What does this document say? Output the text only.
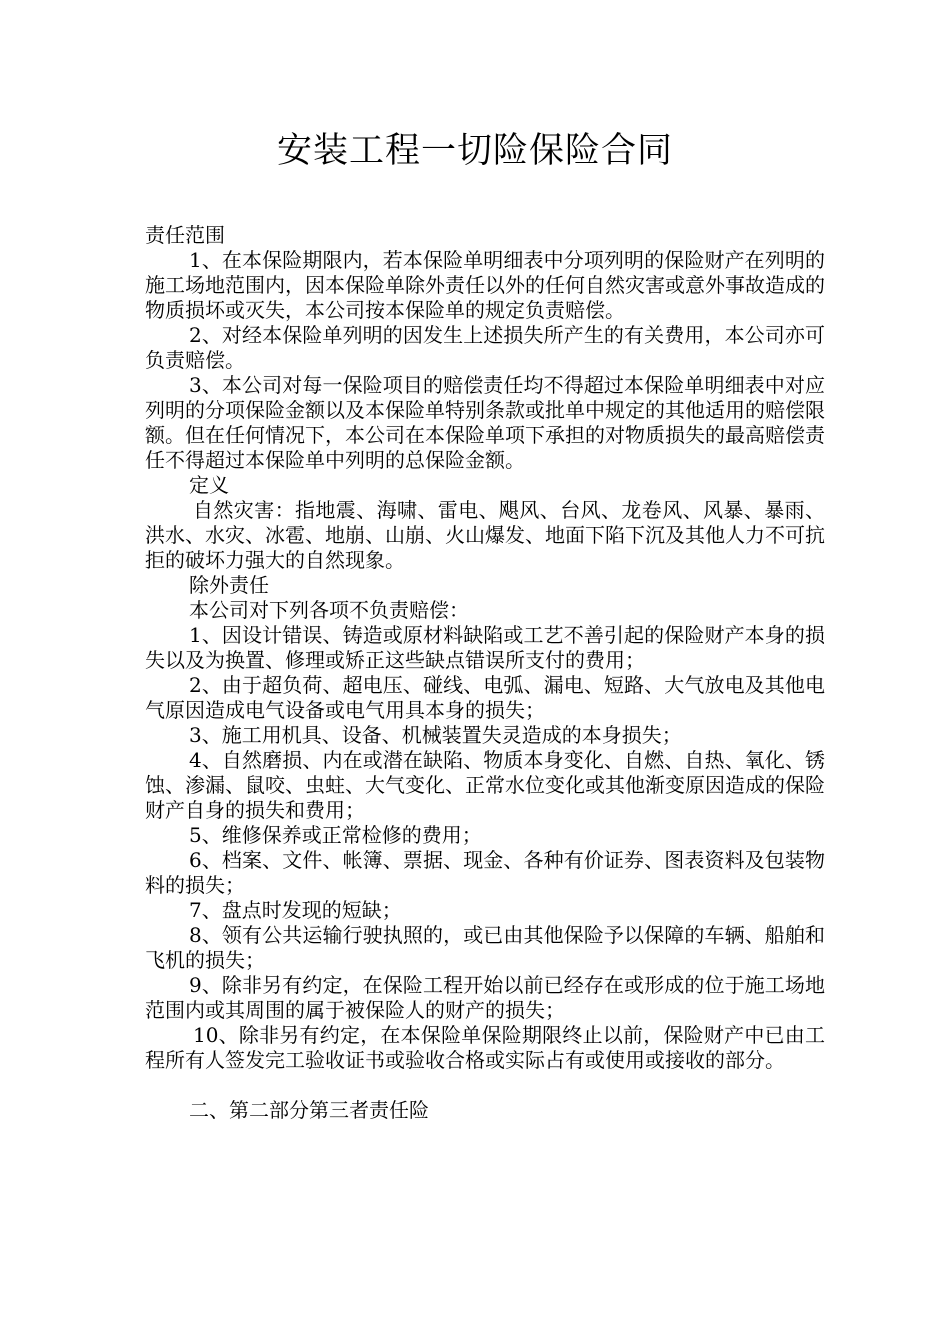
安装工程一切险保险合同

责任范围

1、在本保险期限内，若本保险单明细表中分项列明的保险财产在列明的施工场地范围内，因本保险单除外责任以外的任何自然灾害或意外事故造成的物质损坏或灭失，本公司按本保险单的规定负责赔偿。

2、对经本保险单列明的因发生上述损失所产生的有关费用，本公司亦可负责赔偿。

3、本公司对每一保险项目的赔偿责任均不得超过本保险单明细表中对应列明的分项保险金额以及本保险单特别条款或批单中规定的其他适用的赔偿限额。但在任何情况下，本公司在本保险单项下承担的对物质损失的最高赔偿责任不得超过本保险单中列明的总保险金额。

定义

自然灾害：指地震、海啸、雷电、飓风、台风、龙卷风、风暴、暴雨、洪水、水灾、冰雹、地崩、山崩、火山爆发、地面下陷下沉及其他人力不可抗拒的破坏力强大的自然现象。

除外责任

本公司对下列各项不负责赔偿：

1、因设计错误、铸造或原材料缺陷或工艺不善引起的保险财产本身的损失以及为换置、修理或矫正这些缺点错误所支付的费用；

2、由于超负荷、超电压、碰线、电弧、漏电、短路、大气放电及其他电气原因造成电气设备或电气用具本身的损失；

3、施工用机具、设备、机械装置失灵造成的本身损失；

4、自然磨损、内在或潜在缺陷、物质本身变化、自燃、自热、氧化、锈蚀、渗漏、鼠咬、虫蛀、大气变化、正常水位变化或其他渐变原因造成的保险财产自身的损失和费用；

5、维修保养或正常检修的费用；

6、档案、文件、帐簿、票据、现金、各种有价证券、图表资料及包装物料的损失；

7、盘点时发现的短缺；

8、领有公共运输行驶执照的，或已由其他保险予以保障的车辆、船舶和飞机的损失；

9、除非另有约定，在保险工程开始以前已经存在或形成的位于施工场地范围内或其周围的属于被保险人的财产的损失；

10、除非另有约定，在本保险单保险期限终止以前，保险财产中已由工程所有人签发完工验收证书或验收合格或实际占有或使用或接收的部分。

二、第二部分第三者责任险
